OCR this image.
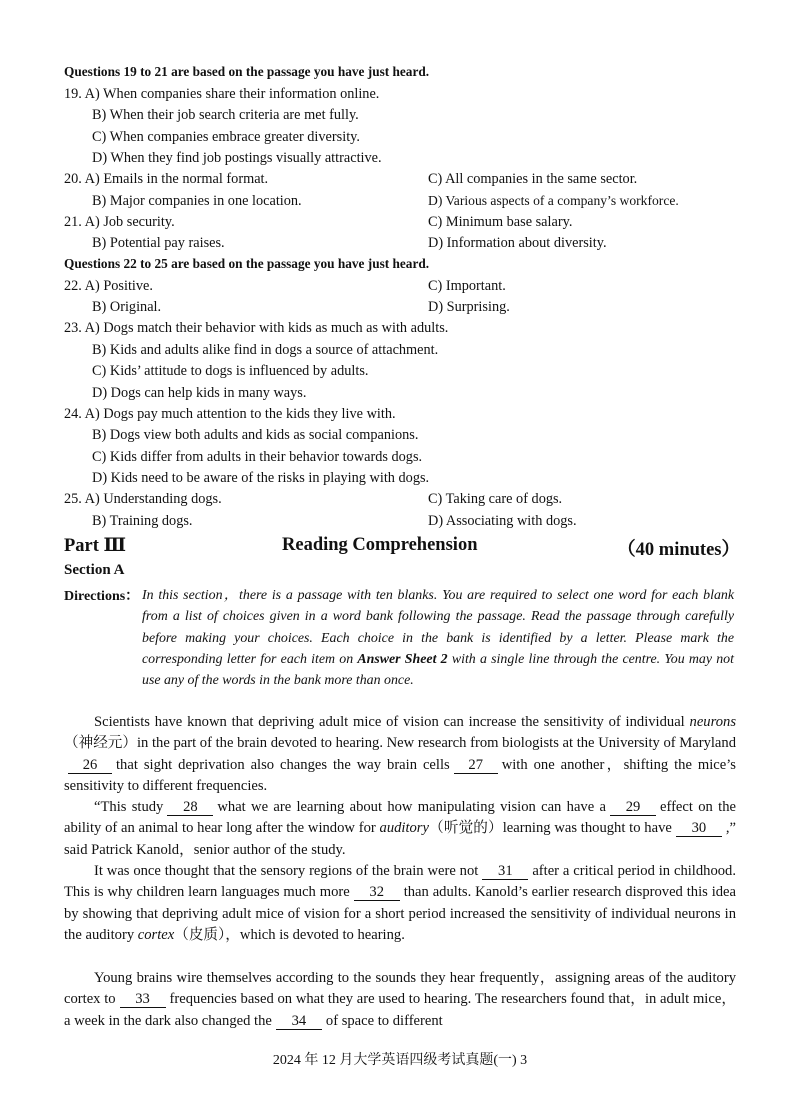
Questions 19 to 21 are based on the passage you have just heard.
19. A) When companies share their information online.
B) When their job search criteria are met fully.
C) When companies embrace greater diversity.
D) When they find job postings visually attractive.
20. A) Emails in the normal format.	C) All companies in the same sector.
B) Major companies in one location.	D) Various aspects of a company’s workforce.
21. A) Job security.	C) Minimum base salary.
B) Potential pay raises.	D) Information about diversity.
Questions 22 to 25 are based on the passage you have just heard.
22. A) Positive.	C) Important.
B) Original.	D) Surprising.
23. A) Dogs match their behavior with kids as much as with adults.
B) Kids and adults alike find in dogs a source of attachment.
C) Kids’ attitude to dogs is influenced by adults.
D) Dogs can help kids in many ways.
24. A) Dogs pay much attention to the kids they live with.
B) Dogs view both adults and kids as social companions.
C) Kids differ from adults in their behavior towards dogs.
D) Kids need to be aware of the risks in playing with dogs.
25. A) Understanding dogs.	C) Taking care of dogs.
B) Training dogs.	D) Associating with dogs.
Part Ⅲ	Reading Comprehension	（40 minutes）
Section A
Directions： In this section，there is a passage with ten blanks. You are required to select one word for each blank from a list of choices given in a word bank following the passage. Read the passage through carefully before making your choices. Each choice in the bank is identified by a letter. Please mark the corresponding letter for each item on Answer Sheet 2 with a single line through the centre. You may not use any of the words in the bank more than once.
Scientists have known that depriving adult mice of vision can increase the sensitivity of individual neurons（神经元）in the part of the brain devoted to hearing. New research from biologists at the University of Maryland26 that sight deprivation also changes the way brain cells 27 with one another，shifting the mice’s sensitivity to different frequencies.
“This study 28 what we are learning about how manipulating vision can have a 29 effect on the ability of an animal to hear long after the window for auditory（听觉的）learning was thought to have 30 ,” said Patrick Kanold，senior author of the study.
It was once thought that the sensory regions of the brain were not 31 after a critical period in childhood. This is why children learn languages much more 32 than adults. Kanold’s earlier research disproved this idea by showing that depriving adult mice of vision for a short period increased the sensitivity of individual neurons in the auditory cortex（皮质），which is devoted to hearing.
Young brains wire themselves according to the sounds they hear frequently，assigning areas of the auditory cortex to 33 frequencies based on what they are used to hearing. The researchers found that，in adult mice，a week in the dark also changed the 34 of space to different
2024 年 12 月大学英语四级考试真题(一) 3
